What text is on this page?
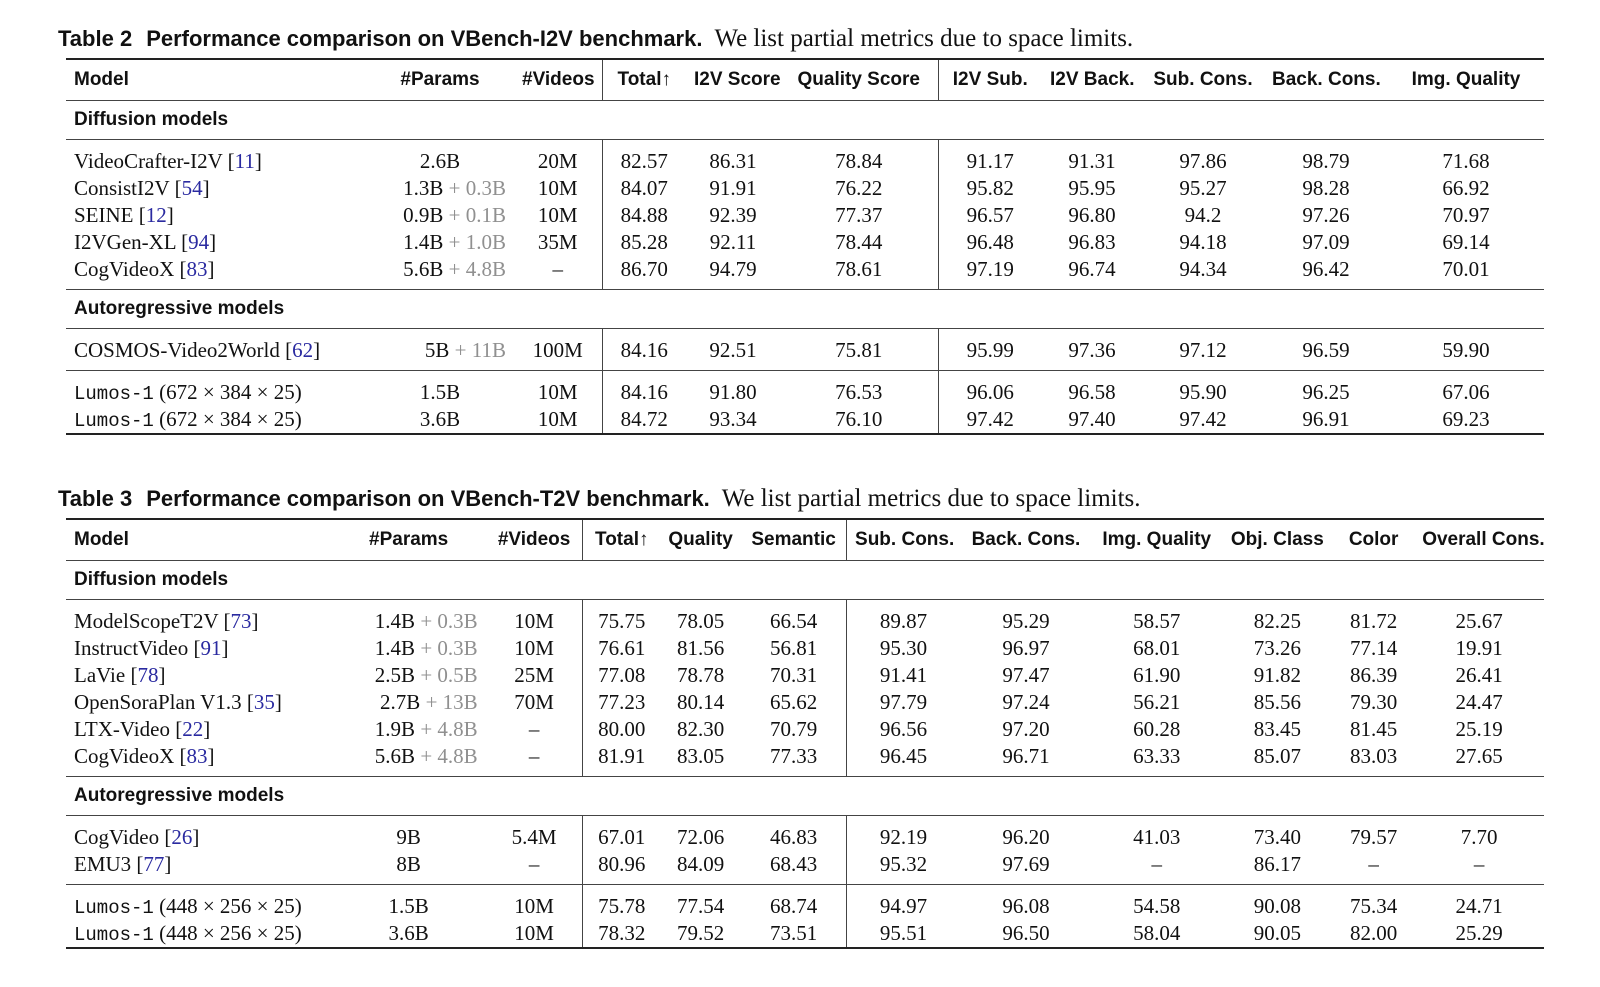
Table 2 Performance comparison on VBench-I2V benchmark. We list partial metrics due to space limits.
Model	#Params	#Videos	Total↑	I2V Score	Quality Score	I2V Sub.	I2V Back.	Sub. Cons.	Back. Cons.	Img. Quality
Diffusion models										
VideoCrafter-I2V [11]	2.6B	20M	82.57	86.31	78.84	91.17	91.31	97.86	98.79	71.68
ConsistI2V [54]	1.3B + 0.3B	10M	84.07	91.91	76.22	95.82	95.95	95.27	98.28	66.92
SEINE [12]	0.9B + 0.1B	10M	84.88	92.39	77.37	96.57	96.80	94.2	97.26	70.97
I2VGen-XL [94]	1.4B + 1.0B	35M	85.28	92.11	78.44	96.48	96.83	94.18	97.09	69.14
CogVideoX [83]	5.6B + 4.8B	–	86.70	94.79	78.61	97.19	96.74	94.34	96.42	70.01
Autoregressive models										
COSMOS-Video2World [62]	5B + 11B	100M	84.16	92.51	75.81	95.99	97.36	97.12	96.59	59.90
Lumos-1 (672 × 384 × 25)	1.5B	10M	84.16	91.80	76.53	96.06	96.58	95.90	96.25	67.06
Lumos-1 (672 × 384 × 25)	3.6B	10M	84.72	93.34	76.10	97.42	97.40	97.42	96.91	69.23
Table 3 Performance comparison on VBench-T2V benchmark. We list partial metrics due to space limits.
Model	#Params	#Videos	Total↑	Quality	Semantic	Sub. Cons.	Back. Cons.	Img. Quality	Obj. Class	Color	Overall Cons.
Diffusion models											
ModelScopeT2V [73]	1.4B + 0.3B	10M	75.75	78.05	66.54	89.87	95.29	58.57	82.25	81.72	25.67
InstructVideo [91]	1.4B + 0.3B	10M	76.61	81.56	56.81	95.30	96.97	68.01	73.26	77.14	19.91
LaVie [78]	2.5B + 0.5B	25M	77.08	78.78	70.31	91.41	97.47	61.90	91.82	86.39	26.41
OpenSoraPlan V1.3 [35]	2.7B + 13B	70M	77.23	80.14	65.62	97.79	97.24	56.21	85.56	79.30	24.47
LTX-Video [22]	1.9B + 4.8B	–	80.00	82.30	70.79	96.56	97.20	60.28	83.45	81.45	25.19
CogVideoX [83]	5.6B + 4.8B	–	81.91	83.05	77.33	96.45	96.71	63.33	85.07	83.03	27.65
Autoregressive models											
CogVideo [26]	9B	5.4M	67.01	72.06	46.83	92.19	96.20	41.03	73.40	79.57	7.70
EMU3 [77]	8B	–	80.96	84.09	68.43	95.32	97.69	–	86.17	–	–
Lumos-1 (448 × 256 × 25)	1.5B	10M	75.78	77.54	68.74	94.97	96.08	54.58	90.08	75.34	24.71
Lumos-1 (448 × 256 × 25)	3.6B	10M	78.32	79.52	73.51	95.51	96.50	58.04	90.05	82.00	25.29
